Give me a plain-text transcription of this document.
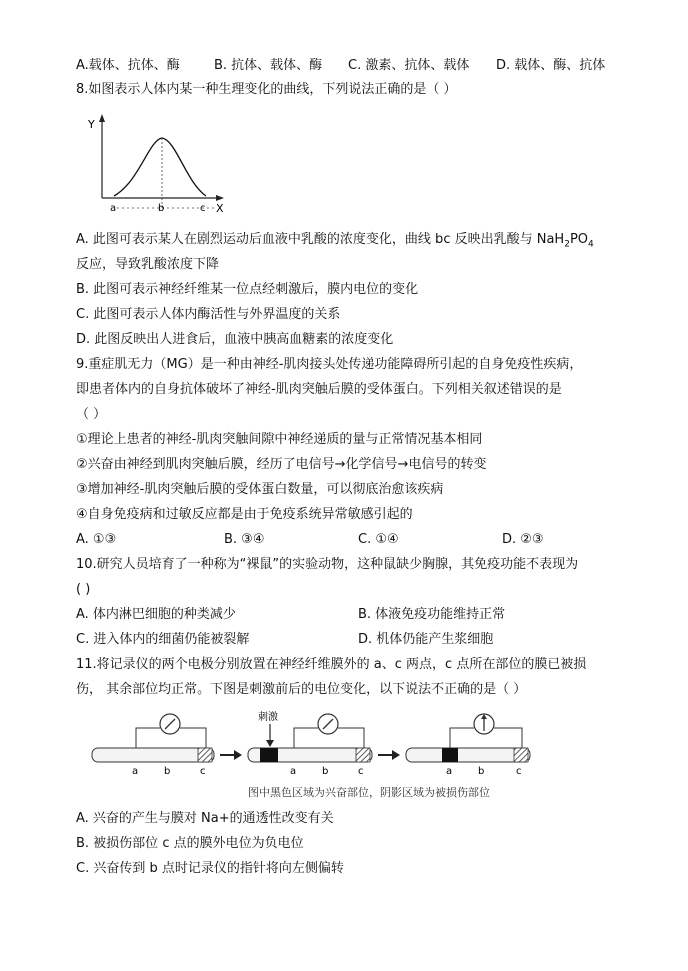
A.载体、抗体、酶	B. 抗体、载体、酶 C. 激素、抗体、载体 D. 载体、酶、抗体
8.如图表示人体内某一种生理变化的曲线，下列说法正确的是（ ）
Y
X
a	b	c
A. 此图可表示某人在剧烈运动后血液中乳酸的浓度变化，曲线 bc 反映出乳酸与 $NaH_2PO_4$
反应，导致乳酸浓度下降
B. 此图可表示神经纤维某一位点经刺激后，膜内电位的变化
C. 此图可表示人体内酶活性与外界温度的关系
D. 此图反映出人进食后，血液中胰高血糖素的浓度变化
9.重症肌无力（MG）是一种由神经-肌肉接头处传递功能障碍所引起的自身免疫性疾病，
即患者体内的自身抗体破坏了神经-肌肉突触后膜的受体蛋白。下列相关叙述错误的是
（ ）
①理论上患者的神经-肌肉突触间隙中神经递质的量与正常情况基本相同
②兴奋由神经到肌肉突触后膜，经历了电信号→化学信号→电信号的转变
③增加神经-肌肉突触后膜的受体蛋白数量，可以彻底治愈该疾病
④自身免疫病和过敏反应都是由于免疫系统异常敏感引起的
A. ①③	B. ③④	C. ①④	D. ②③
10.研究人员培育了一种称为“裸鼠”的实验动物，这种鼠缺少胸腺，其免疫功能不表现为
( )
A. 体内淋巴细胞的种类减少	B. 体液免疫功能维持正常
C. 进入体内的细菌仍能被裂解	D. 机体仍能产生浆细胞
11.将记录仪的两个电极分别放置在神经纤维膜外的 a、c 两点，c 点所在部位的膜已被损
伤， 其余部位均正常。下图是刺激前后的电位变化，以下说法不正确的是（ ）
a	b	c
刺激
a	b	c	a	b	c
图中黑色区域为兴奋部位，阴影区域为被损伤部位
A. 兴奋的产生与膜对 Na+的通透性改变有关
B. 被损伤部位 c 点的膜外电位为负电位
C. 兴奋传到 b 点时记录仪的指针将向左侧偏转
